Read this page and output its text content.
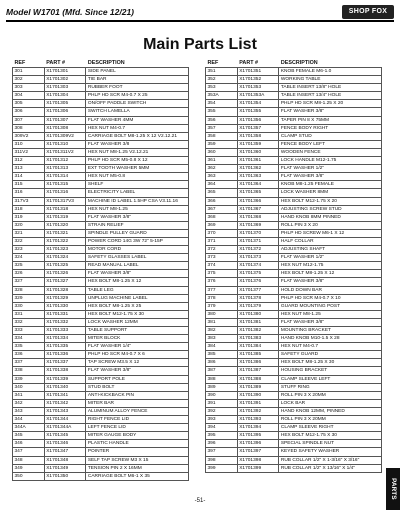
Model W1701 (Mfd. Since 12/21)	SHOP FOX
Main Parts List
REF	PART #	DESCRIPTION
301	X1701301	SIDE PANEL
302	X1701302	TIE BAR
303	X1701303	RUBBER FOOT
304	X1701304	PHLP HD SCR M4-0.7 X 25
305	X1701305	ON/OFF PADDLE SWITCH
306	X1701306	SWITCH LAMELLA
307	X1701307	FLAT WASHER 4MM
308	X1701308	HEX NUT M4-0.7
309V2	X1701309V2	CARRIAGE BOLT M8-1.25 X 12 V2.12.21
310	X1701310	FLAT WASHER 3/8
311V2	X1701311V2	HEX NUT M8-1.25 V2.12.21
312	X1701312	PHLP HD SCR M5-0.8 X 12
313	X1701313	EXT TOOTH WASHER 5MM
314	X1701314	HEX NUT M5-0.8
315	X1701315	SHELF
316	X1701316	ELECTRICITY LABEL
317V3	X1701317V3	MACHINE ID LABEL 1.5HP CSA V3.11.16
318	X1701318	HEX NUT M8-1.25
319	X1701319	FLAT WASHER 3/8"
320	X1701320	STRAIN RELIEF
321	X1701321	SPINDLE PULLEY GUARD
322	X1701322	POWER CORD 14G 3W 72" 5-15P
323	X1701323	MOTOR CORD
324	X1701324	SAFETY GLASSES LABEL
325	X1701325	READ MANUAL LABEL
326	X1701326	FLAT WASHER 3/8"
327	X1701327	HEX BOLT M8-1.25 X 12
328	X1701328	TABLE LEG
329	X1701329	UNPLUG MACHINE LABEL
330	X1701330	HEX BOLT M8-1.25 X 25
331	X1701331	HEX BOLT M12-1.75 X 30
332	X1701332	LOCK WASHER 12MM
333	X1701333	TABLE SUPPORT
334	X1701334	MITER BLOCK
335	X1701335	FLAT WASHER 1/4"
336	X1701336	PHLP HD SCR M4-0.7 X 6
337	X1701337	TAP SCREW M3.5 X 12
338	X1701338	FLAT WASHER 3/8"
339	X1701339	SUPPORT POLE
340	X1701340	STUD BOLT
341	X1701341	ANTI-KICKBACK PIN
342	X1701342	MITER BAR
343	X1701343	ALUMINUM ALLOY FENCE
344	X1701344	RIGHT FENCE LID
344A	X1701344A	LEFT FENCE LID
345	X1701345	MITER GAUGE BODY
346	X1701346	PLASTIC HANDLE
347	X1701347	POINTER
348	X1701348	SELF TAP SCREW M3 X 15
349	X1701349	TENSION PIN 2 X 16MM
350	X1701350	CARRIAGE BOLT M6-1 X 35
REF	PART #	DESCRIPTION
351	X1701351	KNOB FEMALE M6-1.0
352	X1701352	WORKING TABLE
353	X1701353	TABLE INSERT 13/8" HOLE
353A	X1701353A	TABLE INSERT 13/4" HOLE
354	X1701354	PHLP HD SCR M8-1.25 X 20
355	X1701355	FLAT WASHER 3/8"
356	X1701356	TAPER PIN 8 X 75MM
357	X1701357	FENCE BODY RIGHT
358	X1701358	CLAMP STUD
359	X1701359	FENCE BODY LEFT
360	X1701360	WOODEN FENCE
361	X1701361	LOCK HANDLE M12-1.75
362	X1701362	FLAT WASHER 1/2"
363	X1701363	FLAT WASHER 3/8"
364	X1701364	KNOB M8-1.25 FEMALE
365	X1701365	LOCK WASHER 8MM
366	X1701366	HEX BOLT M12-1.75 X 20
367	X1701367	ADJUSTING SCREW STUD
368	X1701368	HAND KNOB 8MM PINNED
369	X1701369	ROLL PIN 3 X 20
370	X1701370	PHLP HD SCREW M6-1 X 12
371	X1701371	HALF COLLAR
372	X1701372	ADJUSTING SHAFT
373	X1701373	FLAT WASHER 1/2"
374	X1701374	HEX NUT M12-1.75
375	X1701375	HEX BOLT M8-1.25 X 12
376	X1701376	FLAT WASHER 3/8"
377	X1701377	HOLD DOWN BAR
378	X1701378	PHLP HD SCR M4-0.7 X 10
379	X1701379	GUARD MOUNTING POST
380	X1701380	HEX NUT M8-1.25
381	X1701381	FLAT WASHER 3/8"
382	X1701382	MOUNTING BRACKET
383	X1701383	HAND KNOB M10-1.5 X 28
384	X1701384	HEX NUT M4-0.7
385	X1701385	SAFETY GUARD
386	X1701386	HEX BOLT M8-1.25 X 30
387	X1701387	HOUSING BRACKET
388	X1701388	CLAMP SLEEVE LEFT
389	X1701389	STUFF RING
390	X1701390	ROLL PIN 3 X 20MM
391	X1701391	LOCK BAR
392	X1701392	HAND KNOB 12MM, PINNED
393	X1701393	ROLL PIN 3 X 20MM
394	X1701394	CLAMP SLEEVE RIGHT
395	X1701395	HEX BOLT M12-1.75 X 30
396	X1701396	SPECIAL SPINDLE NUT
397	X1701397	KEYED SAFETY WASHER
398	X1701398	RUB COLLAR 1/2" X 1-3/16" X 3/16"
399	X1701399	RUB COLLAR 1/2" X 13/16" X 1/4"
-51-
PARTS
